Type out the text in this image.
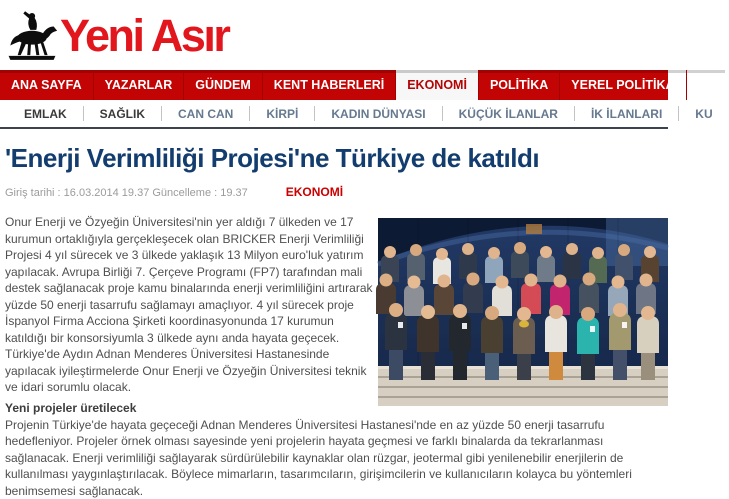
Yeni Asır
ANA SAYFA	YAZARLAR	GÜNDEM	KENT HABERLERİ	EKONOMİ	POLİTİKA	YEREL POLİTİKA	YA
EMLAK	SAĞLIK	CAN CAN	KİRPİ	KADIN DÜNYASI	KÜÇÜK İLANLAR	İK İLANLARI	KU
'Enerji Verimliliği Projesi'ne Türkiye de katıldı
Giriş tarihi : 16.03.2014 19.37 Güncelleme : 19.37	EKONOMİ

Onur Enerji ve Özyeğin Üniversitesi'nin yer aldığı 7 ülkeden ve 17 kurumun ortaklığıyla gerçekleşecek olan BRICKER Enerji Verimliliği Projesi 4 yıl sürecek ve 3 ülkede yaklaşık 13 Milyon euro'luk yatırım yapılacak. Avrupa Birliği 7. Çerçeve Programı (FP7) tarafından mali destek sağlanacak proje kamu binalarında enerji verimliliğini artırarak yüzde 50 enerji tasarrufu sağlamayı amaçlıyor. 4 yıl sürecek proje İspanyol Firma Acciona Şirketi koordinasyonunda 17 kurumun katıldığı bir konsorsiyumla 3 ülkede aynı anda hayata geçecek. Türkiye'de Aydın Adnan Menderes Üniversitesi Hastanesinde yapılacak iyileştirmelerde Onur Enerji ve Özyeğin Üniversitesi teknik ve idari sorumlu olacak.

Yeni projeler üretilecek

Projenin Türkiye'de hayata geçeceği Adnan Menderes Üniversitesi Hastanesi'nde en az yüzde 50 enerji tasarrufu hedefleniyor. Projeler örnek olması sayesinde yeni projelerin hayata geçmesi ve farklı binalarda da tekrarlanması sağlanacak. Enerji verimliliği sağlayarak sürdürülebilir kaynaklar olan rüzgar, jeotermal gibi yenilenebilir enerjilerin de kullanılması yaygınlaştırılacak. Böylece mimarların, tasarımcıların, girişimcilerin ve kullanıcıların kolayca bu yöntemleri benimsemesi sağlanacak.
